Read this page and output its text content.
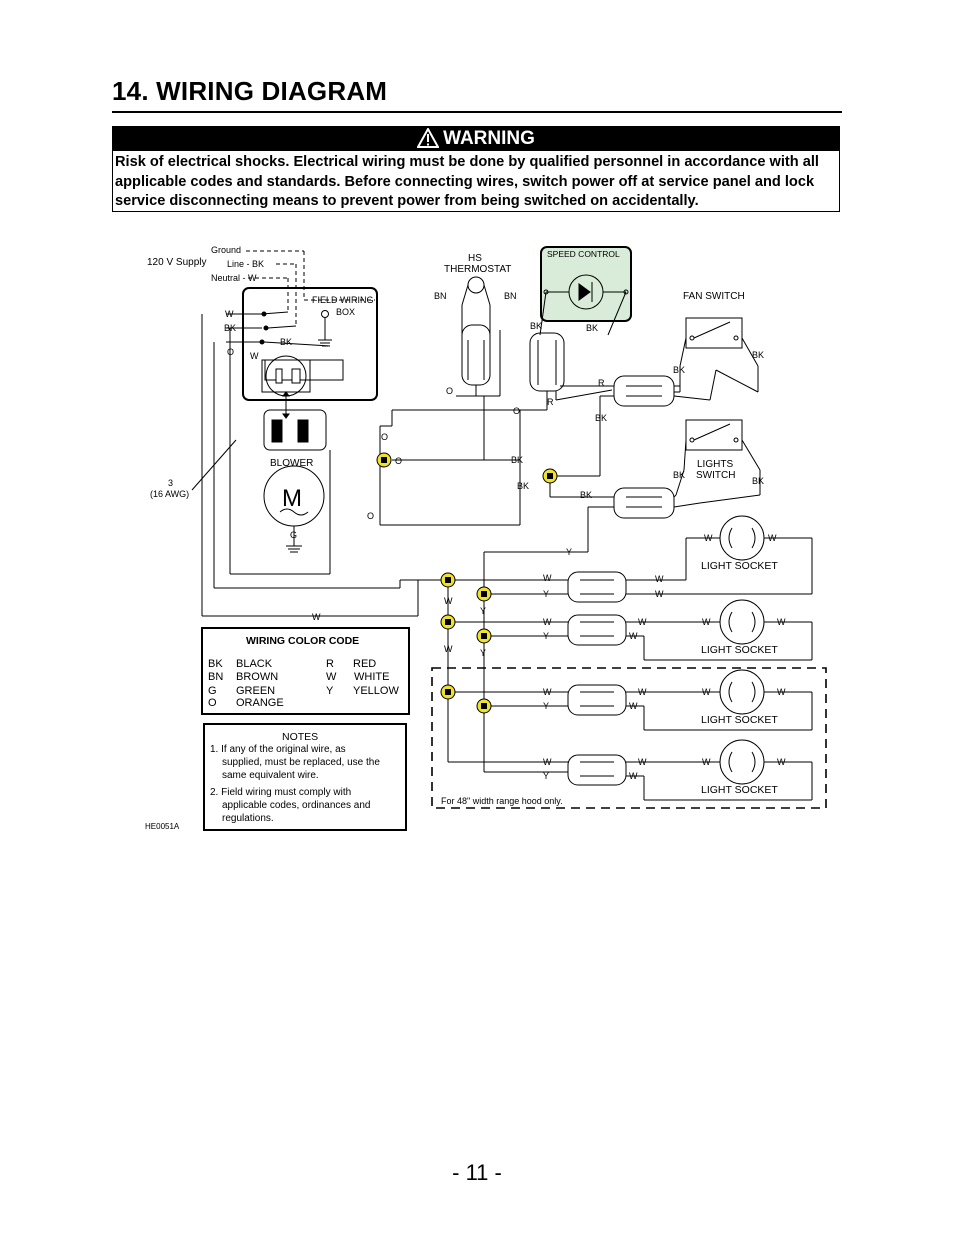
14. WIRING DIAGRAM
WARNING
Risk of electrical shocks. Electrical wiring must be done by qualified personnel in accordance with all applicable codes and standards. Before connecting wires, switch power off at service panel and lock service disconnecting means to prevent power from being switched on accidentally.
Ground
120 V Supply Line - BK
Neutral - W
FIELD WIRING
BOX
W
BK
BK
O W
BLOWER
M
G
3
(16 AWG)
HS
THERMOSTAT
BN	BN
SPEED CONTROL
BK	BK
FAN SWITCH
BK
BK
R
R
O
O
BK
O
O	BK	LIGHTS
SWITCH
BK
BK
BK
BK
O
Y
W
W
Y
W
W
W	W
W
Y
W
Y
W
W
W	W
W	Y
W
Y
W
W
W	W
W
Y
W
W
W	W
LIGHT SOCKET
LIGHT SOCKET
LIGHT SOCKET
LIGHT SOCKET
For 48" width range hood only.
HE0051A
WIRING COLOR CODE
BK BLACK	R RED
BN BROWN	W WHITE
G GREEN	Y YELLOW
O ORANGE
NOTES
1. If any of the original wire, as
supplied, must be replaced, use the
same equivalent wire.
2. Field wiring must comply with
applicable codes, ordinances and
regulations.
- 11 -
